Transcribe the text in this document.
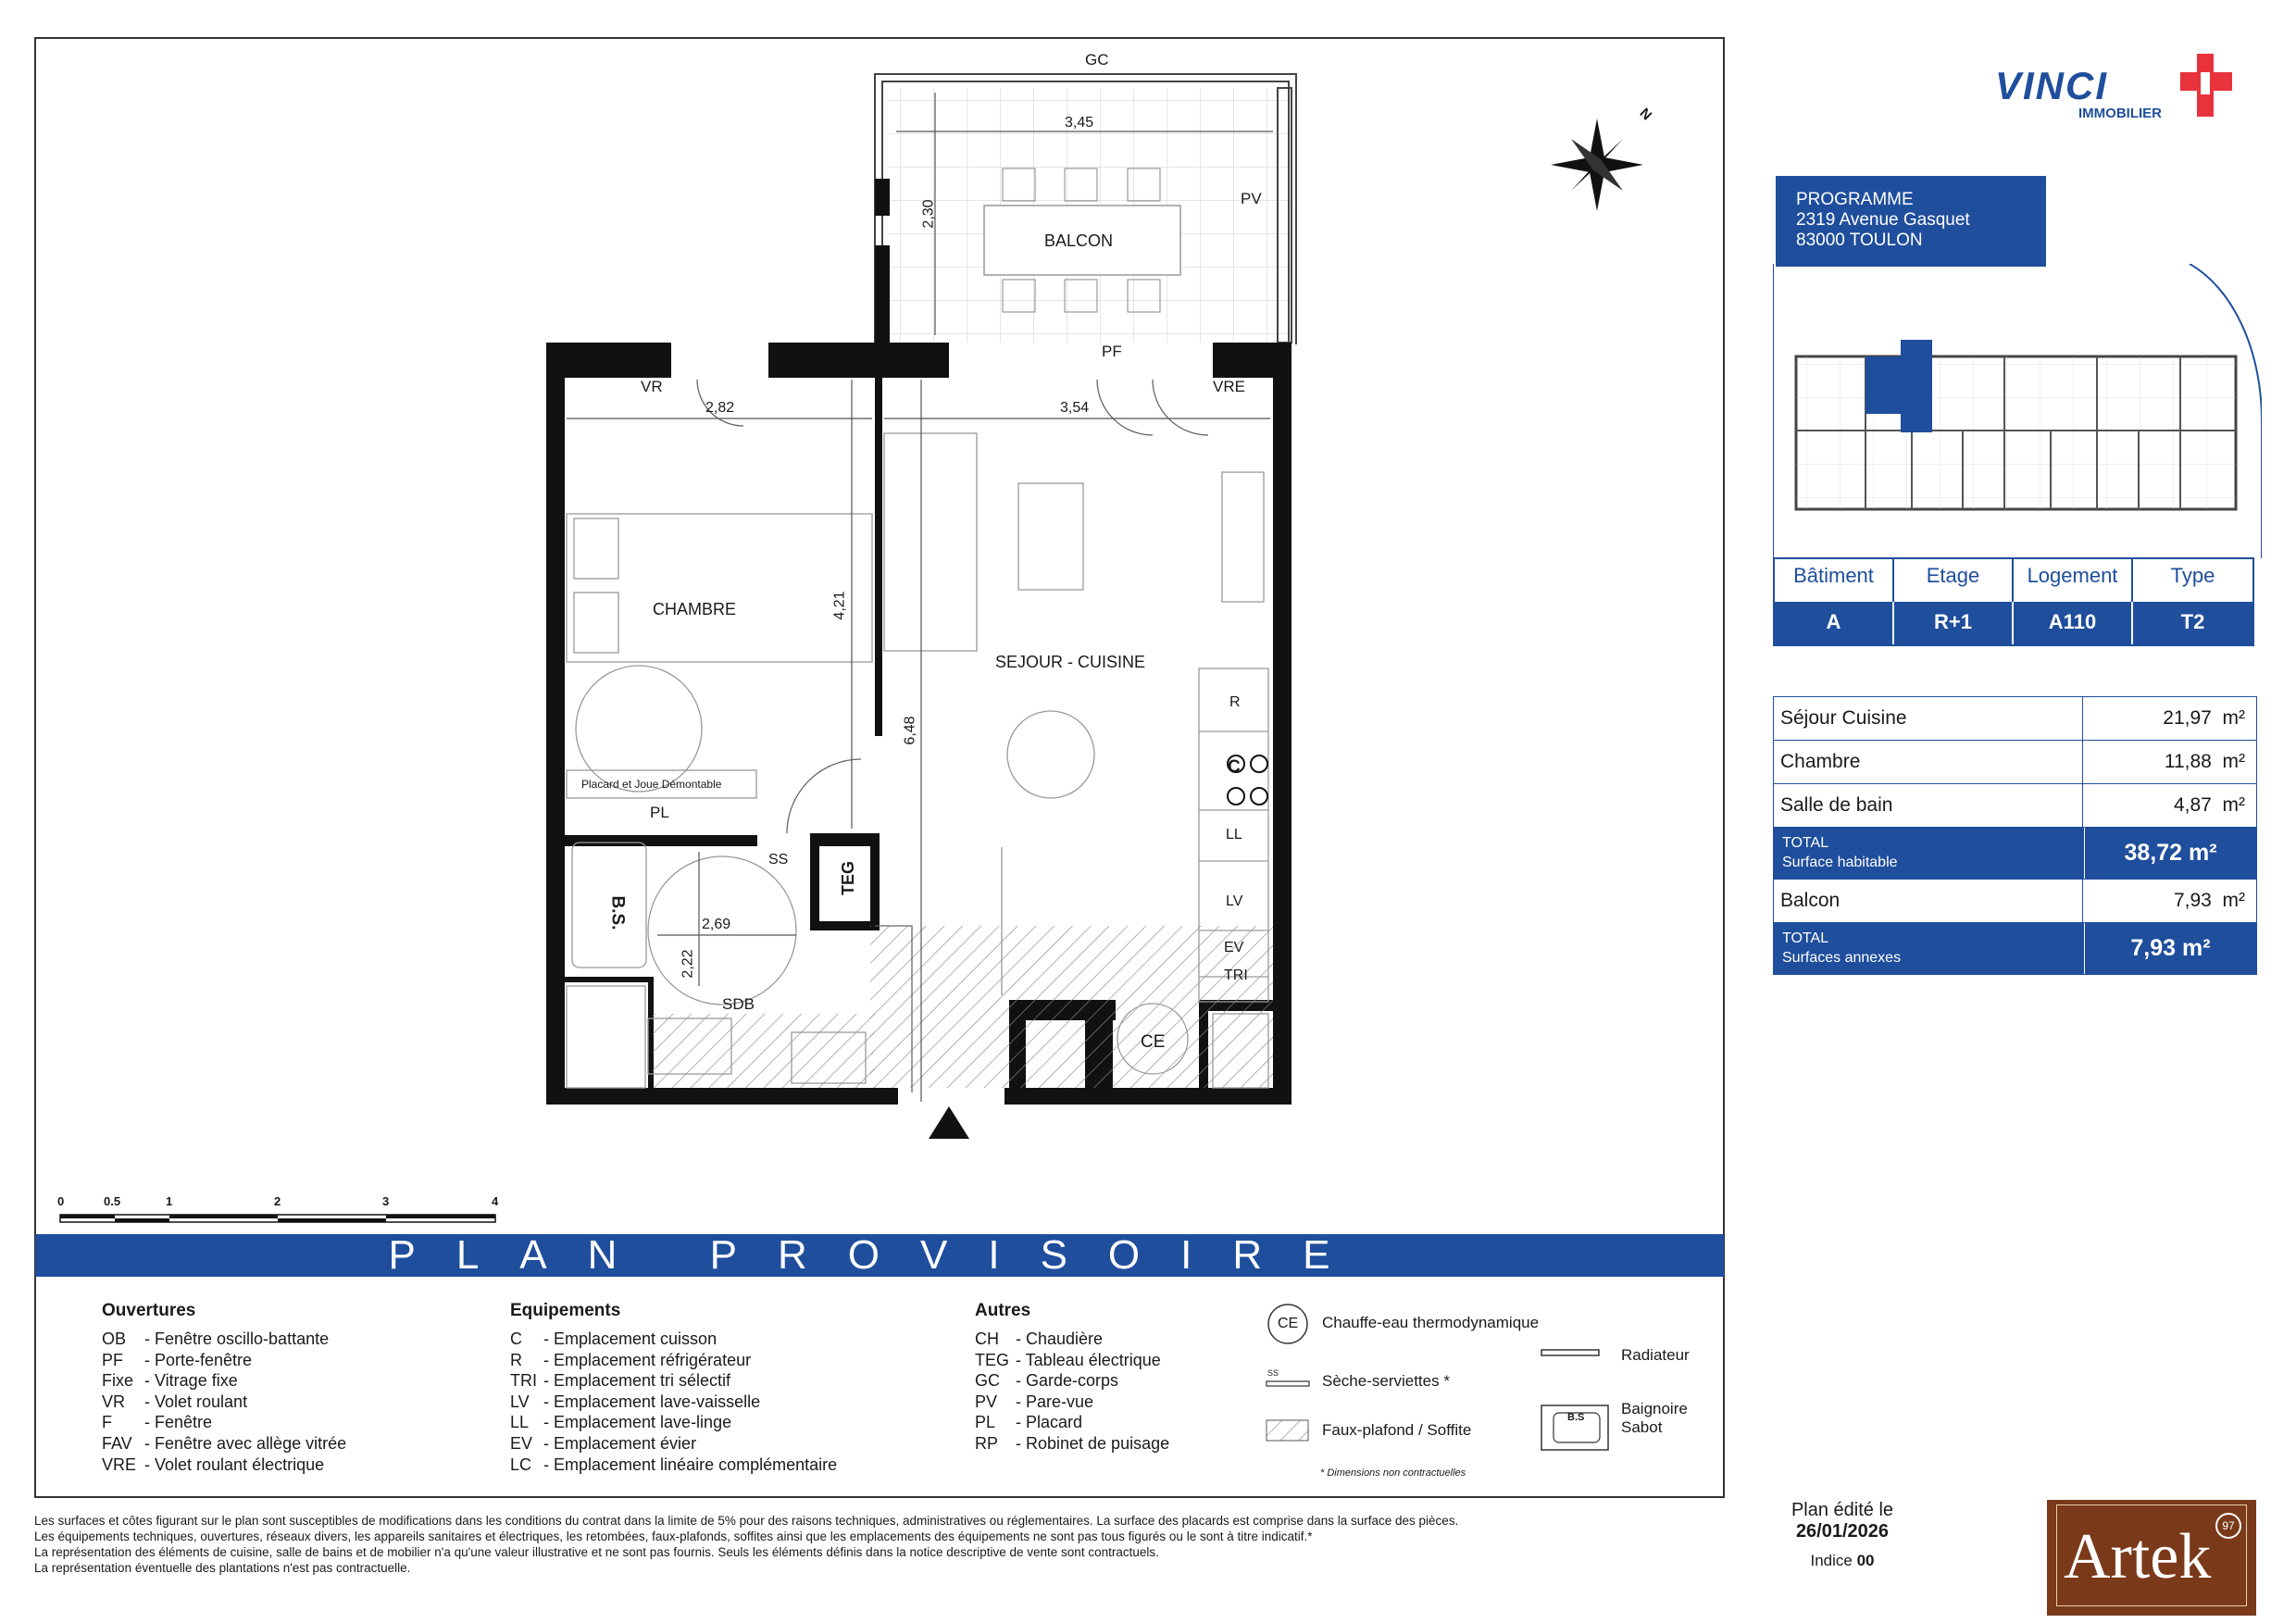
GC
PV
BALCON
3,45
2,30
FAV	PF
VR	VRE
2,82	3,54
4,21
6,48
CHAMBRE
SEJOUR - CUISINE
Placard et Joue Démontable
PL
SS
TEG
B.S.	2,69
2,22
SDB
R
C
LL
LV
EV
TRI
CE
N
0	0.5	1	2	3	4
PLAN PROVISOIRE
Ouvertures
OB - Fenêtre oscillo-battante
PF - Porte-fenêtre
Fixe - Vitrage fixe
VR - Volet roulant
F - Fenêtre
FAV - Fenêtre avec allège vitrée
VRE - Volet roulant électrique
Equipements
C - Emplacement cuisson
R - Emplacement réfrigérateur
TRI - Emplacement tri sélectif
LV - Emplacement lave-vaisselle
LL - Emplacement lave-linge
EV - Emplacement évier
LC - Emplacement linéaire complémentaire
Autres
CH - Chaudière
TEG - Tableau électrique
GC - Garde-corps
PV - Pare-vue
PL - Placard
RP - Robinet de puisage
CE Chauffe-eau thermodynamique
SS	Sèche-serviettes *
Faux-plafond / Soffite
Radiateur
B.S Baignoire
Sabot
* Dimensions non contractuelles
Les surfaces et côtes figurant sur le plan sont susceptibles de modifications dans les conditions du contrat dans la limite de 5% pour des raisons techniques, administratives ou réglementaires. La surface des placards est comprise dans la surface des pièces.
Les équipements techniques, ouvertures, réseaux divers, les appareils sanitaires et électriques, les retombées, faux-plafonds, soffites ainsi que les emplacements des équipements ne sont pas tous figurés ou le sont à titre indicatif.*
La représentation des éléments de cuisine, salle de bains et de mobilier n'a qu'une valeur illustrative et ne sont pas fournis. Seuls les éléments définis dans la notice descriptive de vente sont contractuels.
La représentation éventuelle des plantations n'est pas contractuelle.
VINCI
IMMOBILIER
PROGRAMME
2319 Avenue Gasquet
83000 TOULON
Bâtiment	Etage	Logement	Type
A	R+1	A110	T2
Séjour Cuisine	21,97 m²
Chambre	11,88 m²
Salle de bain	4,87 m²
TOTAL
Surface habitable	38,72 m²
Balcon	7,93 m²
TOTAL
Surfaces annexes	7,93 m²
Plan édité le
26/01/2026
Indice 00	Artek 97
